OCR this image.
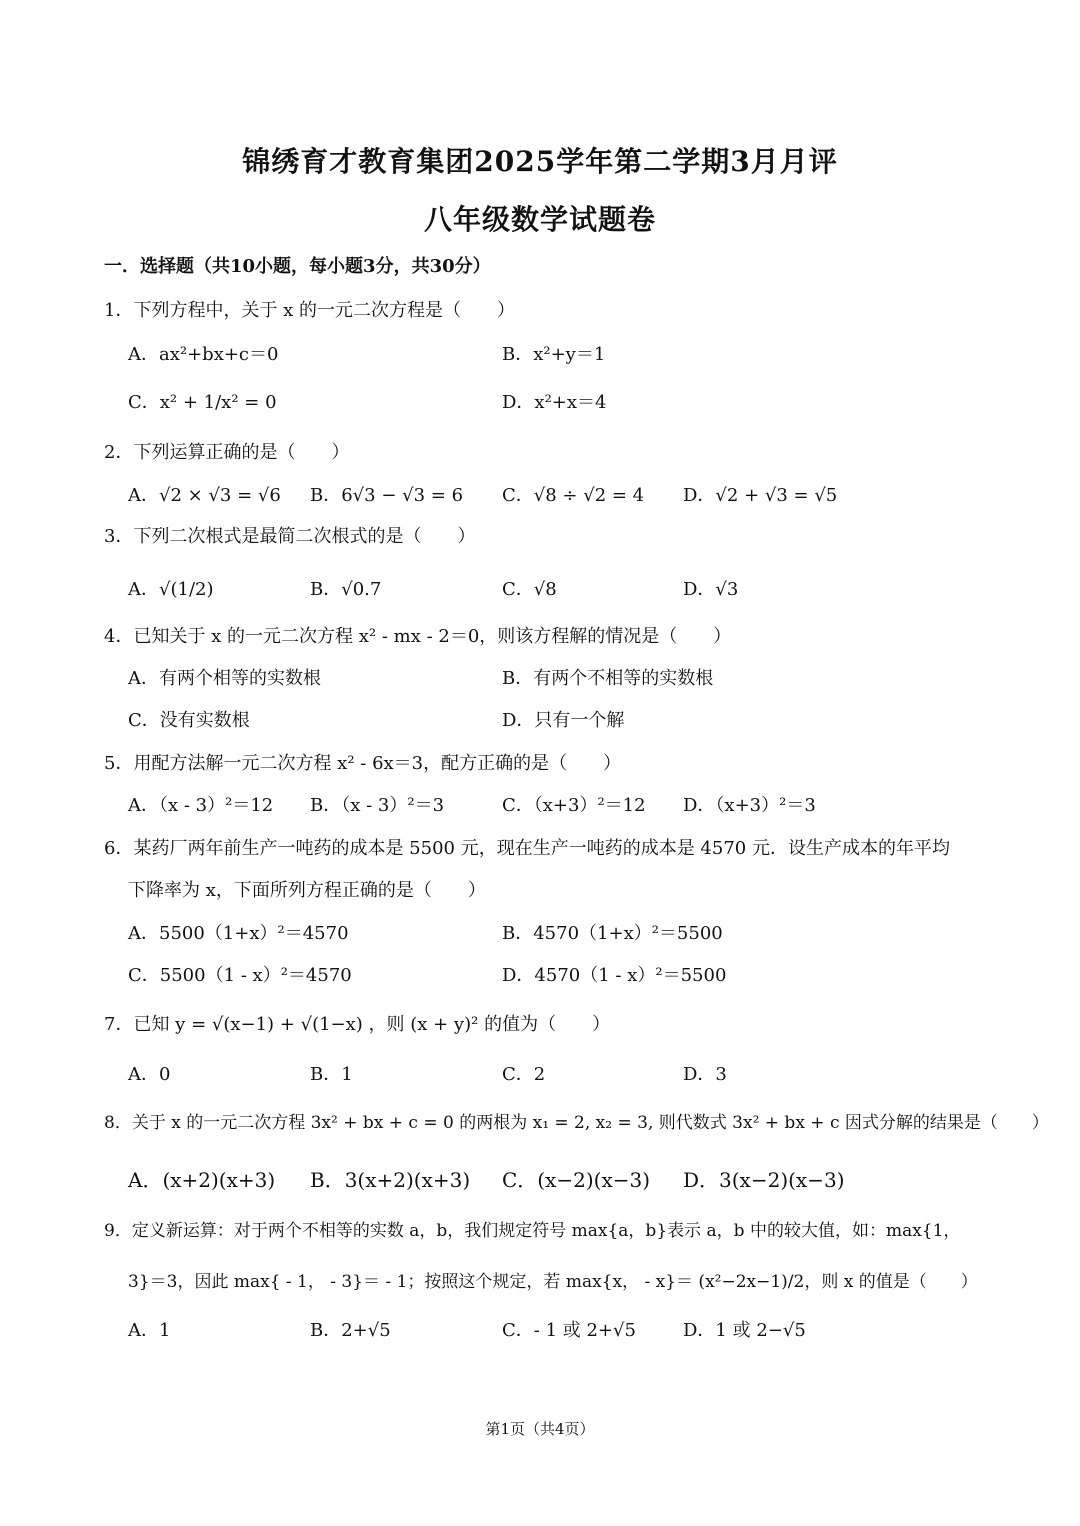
锦绣育才教育集团2025学年第二学期3月月评
八年级数学试题卷
一．选择题（共10小题，每小题3分，共30分）
1．下列方程中，关于 x 的一元二次方程是（　　）
A．ax²+bx+c＝0	B．x²+y＝1
C．x² + 1/x² = 0	D．x²+x＝4
2．下列运算正确的是（　　）
A．√2 × √3 = √6 B．6√3 − √3 = 6 C．√8 ÷ √2 = 4 D．√2 + √3 = √5
3．下列二次根式是最简二次根式的是（　　）
A．√(1/2)	B．√0.7	C．√8	D．√3
4．已知关于 x 的一元二次方程 x² - mx - 2＝0，则该方程解的情况是（　　）
A．有两个相等的实数根	B．有两个不相等的实数根
C．没有实数根	D．只有一个解
5．用配方法解一元二次方程 x² - 6x＝3，配方正确的是（　　）
A．（x - 3）²＝12 B．（x - 3）²＝3	C．（x+3）²＝12 D．（x+3）²＝3
6．某药厂两年前生产一吨药的成本是 5500 元，现在生产一吨药的成本是 4570 元．设生产成本的年平均
下降率为 x，下面所列方程正确的是（　　）
A．5500（1+x）²＝4570	B．4570（1+x）²＝5500
C．5500（1 - x）²＝4570	D．4570（1 - x）²＝5500
7．已知 y = √(x−1) + √(1−x) ，则 (x + y)² 的值为（　　）
A．0	B．1	C．2	D．3
8．关于 x 的一元二次方程 3x² + bx + c = 0 的两根为 x₁ = 2, x₂ = 3, 则代数式 3x² + bx + c 因式分解的结果是（　　）
A．(x+2)(x+3) B．3(x+2)(x+3) C．(x−2)(x−3) D．3(x−2)(x−3)
9．定义新运算：对于两个不相等的实数 a，b，我们规定符号 max{a，b}表示 a，b 中的较大值，如：max{1，
3}＝3，因此 max{ - 1， - 3}＝ - 1；按照这个规定，若 max{x， - x}＝ (x²−2x−1)/2，则 x 的值是（　　）
A．1	B．2+√5	C．- 1 或 2+√5	D．1 或 2−√5
第1页（共4页）
